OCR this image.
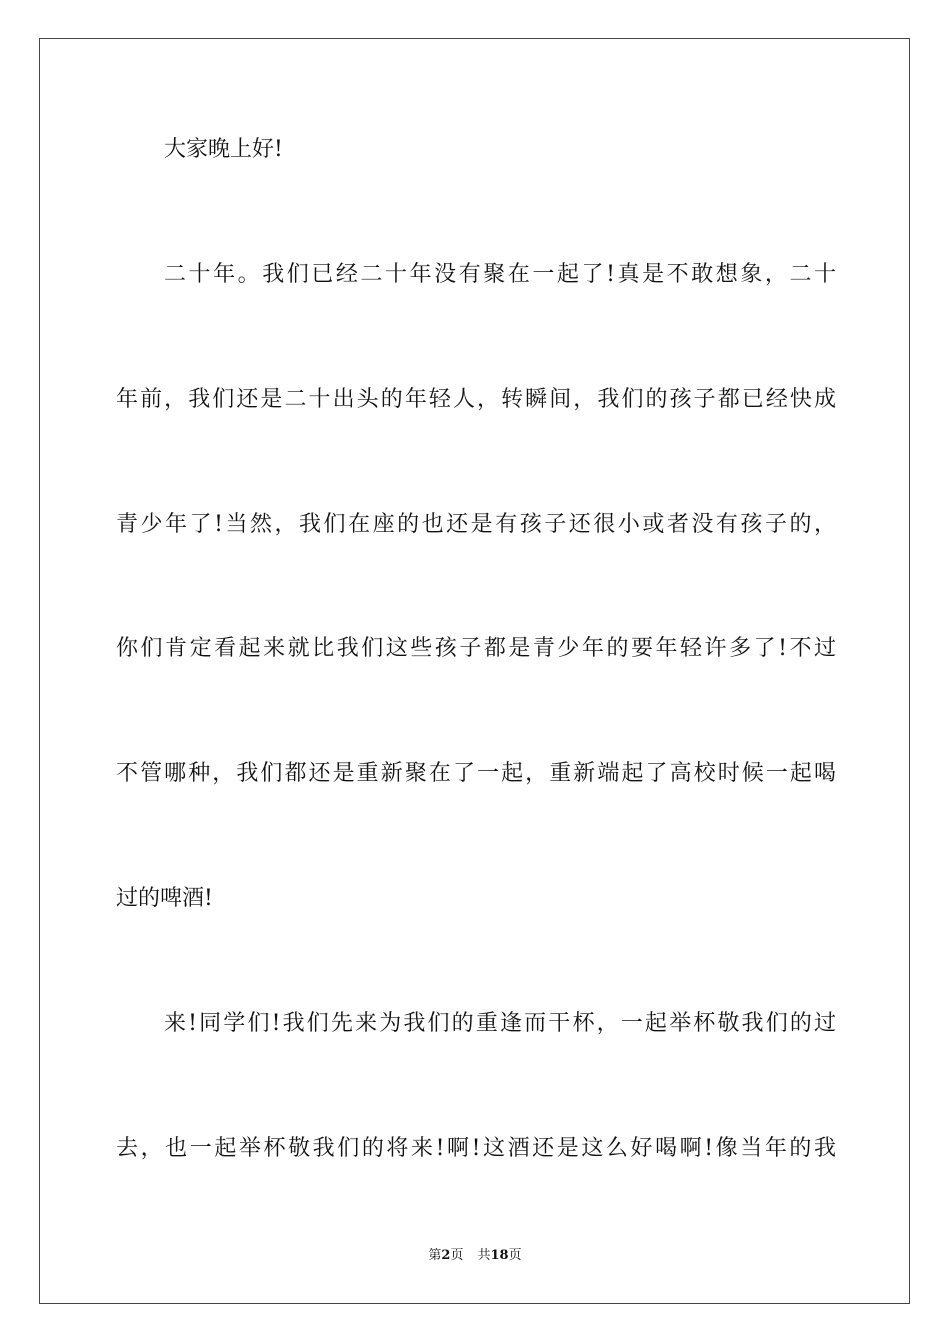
大家晚上好!
二十年。我们已经二十年没有聚在一起了!真是不敢想象，二十
年前，我们还是二十出头的年轻人，转瞬间，我们的孩子都已经快成
青少年了!当然，我们在座的也还是有孩子还很小或者没有孩子的，
你们肯定看起来就比我们这些孩子都是青少年的要年轻许多了!不过
不管哪种，我们都还是重新聚在了一起，重新端起了高校时候一起喝
过的啤酒!
来!同学们!我们先来为我们的重逢而干杯，一起举杯敬我们的过
去，也一起举杯敬我们的将来!啊!这酒还是这么好喝啊!像当年的我
第2页 共18页
